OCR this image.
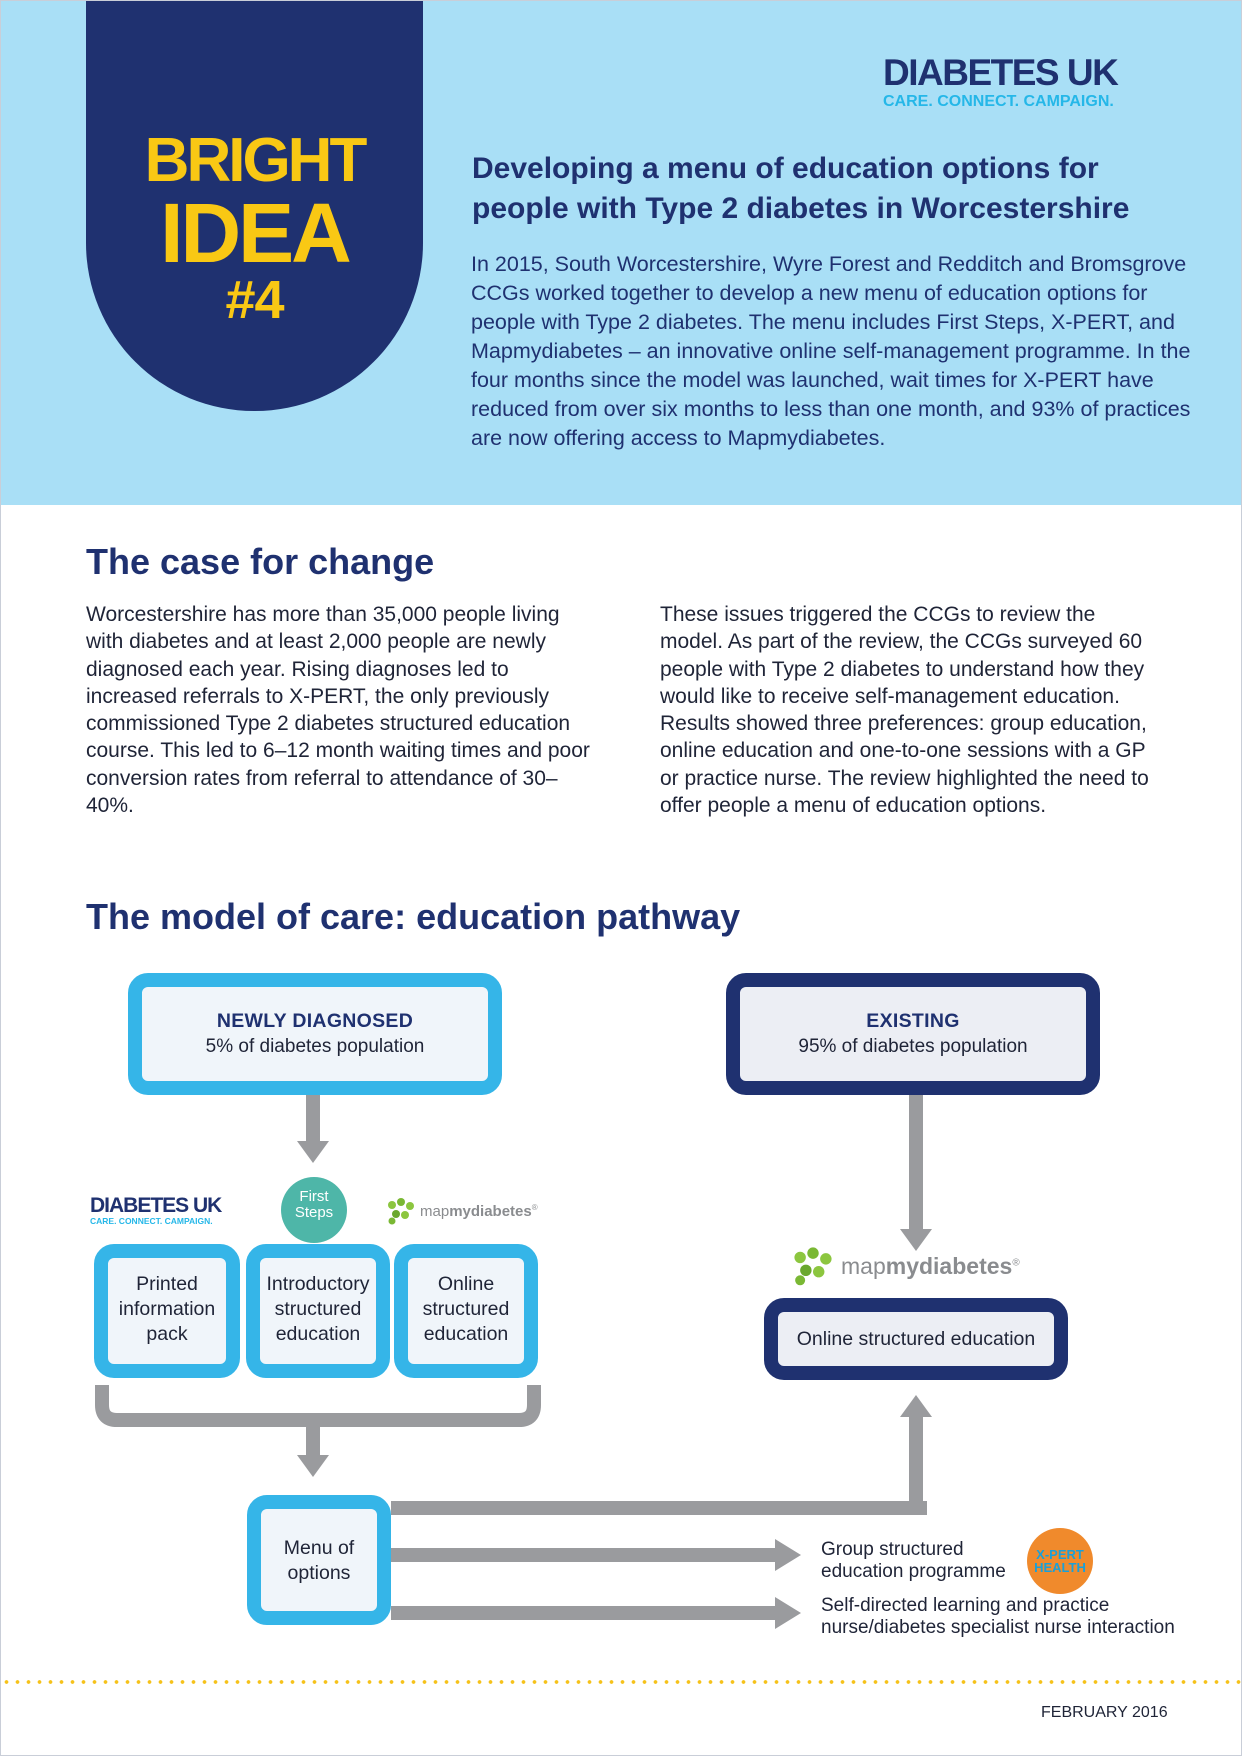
BRIGHT
IDEA
#4
DIABETES UK
CARE. CONNECT. CAMPAIGN.
Developing a menu of education options for
people with Type 2 diabetes in Worcestershire
In 2015, South Worcestershire, Wyre Forest and Redditch and Bromsgrove CCGs worked together to develop a new menu of education options for people with Type 2 diabetes. The menu includes First Steps, X-PERT, and Mapmydiabetes – an innovative online self-management programme. In the four months since the model was launched, wait times for X-PERT have reduced from over six months to less than one month, and 93% of practices are now offering access to Mapmydiabetes.
The case for change
Worcestershire has more than 35,000 people living with diabetes and at least 2,000 people are newly diagnosed each year. Rising diagnoses led to increased referrals to X-PERT, the only previously commissioned Type 2 diabetes structured education course. This led to 6–12 month waiting times and poor conversion rates from referral to attendance of 30–40%.
These issues triggered the CCGs to review the model. As part of the review, the CCGs surveyed 60 people with Type 2 diabetes to understand how they would like to receive self-management education. Results showed three preferences: group education, online education and one-to-one sessions with a GP or practice nurse. The review highlighted the need to offer people a menu of education options.
The model of care: education pathway
NEWLY DIAGNOSED
5% of diabetes population
EXISTING
95% of diabetes population
DIABETES UK
CARE. CONNECT. CAMPAIGN.
First
Steps	mapmydiabetes®
Printed
information
pack
Introductory
structured
education
Online
structured
education
mapmydiabetes®
Online structured education
Menu of
options
Group structured
education programme
X-PERT
HEALTH
Self-directed learning and practice
nurse/diabetes specialist nurse interaction
FEBRUARY 2016
